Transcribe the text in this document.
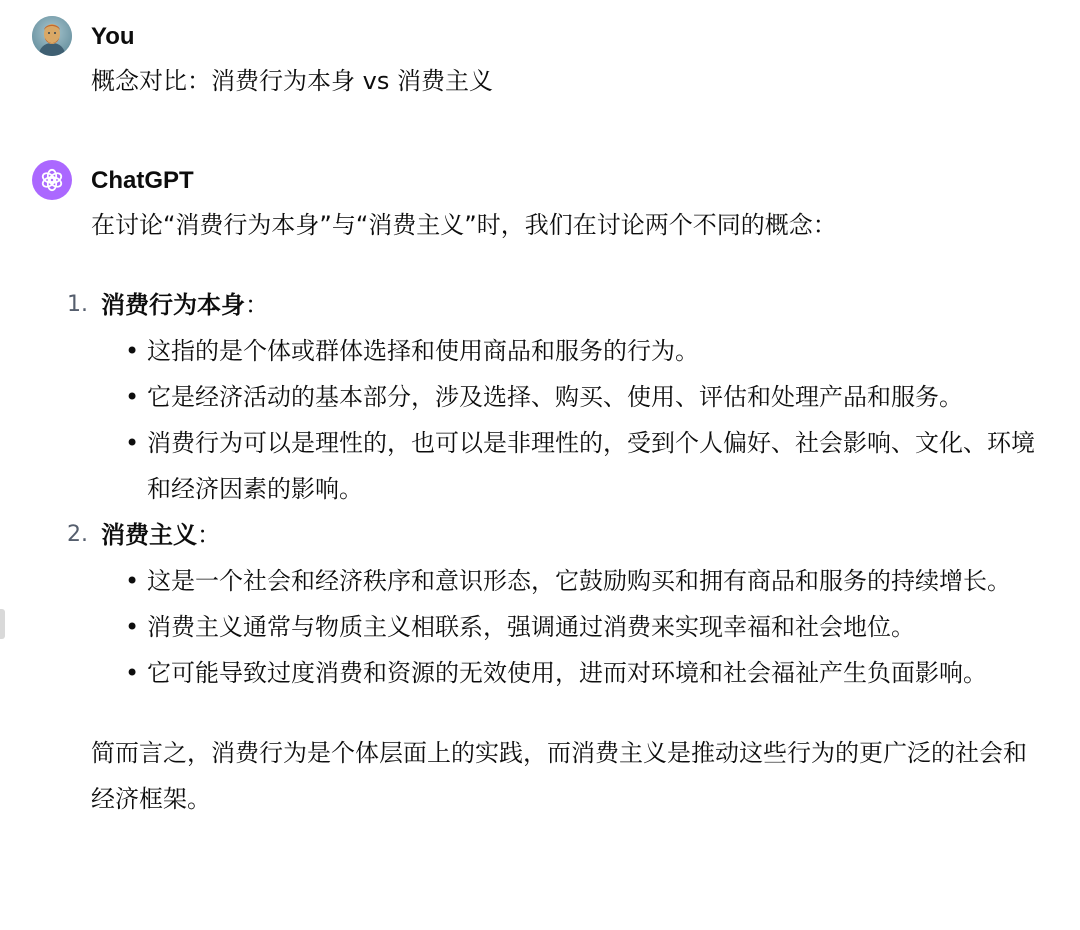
You
概念对比：消费行为本身 vs 消费主义
ChatGPT
在讨论“消费行为本身”与“消费主义”时，我们在讨论两个不同的概念：
1. 消费行为本身：
• 这指的是个体或群体选择和使用商品和服务的行为。
• 它是经济活动的基本部分，涉及选择、购买、使用、评估和处理产品和服务。
• 消费行为可以是理性的，也可以是非理性的，受到个人偏好、社会影响、文化、环境和经济因素的影响。
2. 消费主义：
• 这是一个社会和经济秩序和意识形态，它鼓励购买和拥有商品和服务的持续增长。
• 消费主义通常与物质主义相联系，强调通过消费来实现幸福和社会地位。
• 它可能导致过度消费和资源的无效使用，进而对环境和社会福祉产生负面影响。
简而言之，消费行为是个体层面上的实践，而消费主义是推动这些行为的更广泛的社会和经济框架。
